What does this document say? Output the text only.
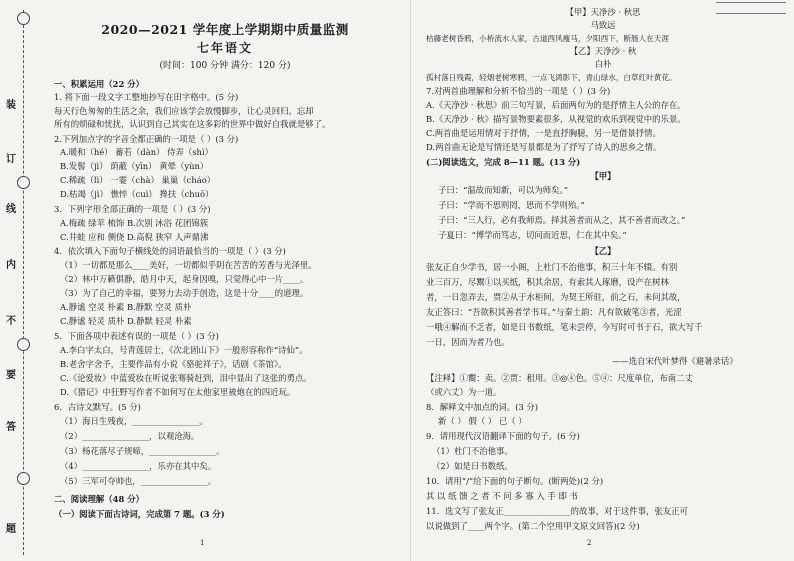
装
订
线
内
不
要
答
题
2020—2021 学年度上学期期中质量监测
七年语文
(时间：100 分钟 满分：120 分)
一、积累运用（22 分）
1. 将下面一段文字工整地抄写在田字格中。(5 分)
每天行色匆匆的生活之余，我们应该学会放慢脚步，让心灵回归。忘却
所有的烦碌和忧扰，认识到自己其实在这多彩的世界中做好自我就是够了。
2.下列加点字的字音全都正确的一项是（ ）(3 分)
A.暖和（hé） 蓄若（dàn） 侍弄（shì）
B.发髻（jì） 荫蔽（yīn） 黄晕（yùn）
C.稀疏（lì） 一霎（chà） 巢巢（cháo）
D.枯竭（jì） 憔悴（cuì） 搀扶（chuō）
3．下列字形全部正确的一项是（ ）(3 分)
A.梅疏 绿苹 梳饰 B.次别 沐浴 花团锦簇
C.井蛙 应和 侧侥 D.高倪 狭窄 人声鼎沸
4．依次填入下面句子横线处的词语最恰当的一项是（ ）(3 分)
（1）一切都是那么____美好，一切都似乎阴在苦苦的芳香与光泽里。
（2）林中万籁俱静，皓月中天，起身因嗅，只觉得心中一片____。
（3）为了自己的幸福，要努力去动手创造，这是十分____的道理。
A.静谧 空灵 朴素 B.静默 空灵 质朴
C.静谧 轻灵 质朴 D.静默 轻灵 朴素
5．下面各项中表述有误的一项是（ ）(3 分)
A.李白字太白，号青莲居士，《次北固山下》一般形容称作“诗仙”。
B.老舍字舍予，主要作品有小说《骆驼祥子》，话剧《茶馆》。
C.《论爱妆》中蓝爱妆在听说张骞骑赶到，泪中显出了这张的勇点。
D.《猎记》中狂野写作者不如何写在太他家里被炮在的四近玩。
6．古诗文默写。(5 分)
（1）海日生残夜，________________。
（2）________________，以观沧海。
（3）杨花落尽子规啼，________________。
（4）________________，乐亦在其中矣。
（5）三军可夺帅也，________________。
二、阅读理解（48 分）
（一）阅读下面古诗词，完成第 7 题。(3 分)
1
【甲】天净沙 · 秋思
马致远
枯藤老树昏鸦，小桥流水人家，古道西风瘦马，夕阳西下，断肠人在天涯
【乙】天净沙 · 秋
白朴
孤村落日残霞，轻烟老树寒鸦，一点飞鸿影下，青山绿水，白草红叶黄花。
7.对两首曲理解和分析不恰当的一项是（ ）(3 分)
A.《天净沙 · 秋思》前三句写景，后面两句为的是抒情主人公的存在。
B.《天净沙 · 秋》描写景物要素很多，从视觉的欢乐到视觉中的乐景。
C.两首曲是运用情对于抒情，一是直抒胸臆，另一是借景抒情。
D.两首曲无论是写情还是写景都是为了抒写了诗人的思乡之情。
(二)阅读选文，完成 8—11 题。(13 分)
【甲】
子曰：“温故而知新，可以为师矣。”
子曰：“学而不思则罔，思而不学则殆。”
子曰：“三人行，必有我师焉。择其善者而从之，其不善者而改之。”
子夏曰：“博学而笃志，切问而近思，仁在其中矣。”
【乙】
张友正自少学书，居一小阁，上杜门不治他事，积三十年不辍。有别
业三百万，尽鬻①以买纸，积其余居，有索其人琢磨，设产在树林
者，一日忽弄去，贾②从于水柜间，为契王所驻，前之石，未问其故，
友正答曰：“吾欲积其善者学书耳。”与秦土韵：凡有欲破笔③者，光涩
一哦④解而不乏者，如是日书数纸，笔未尝停，今写时可书于石，欲大写千
一日，因而为者乃也。
——选自宋代叶梦得《避暑录话》
【注释】①鬻：卖。②贾：租用。③◎④色。⑤④：尺度单位，布南二丈
（或六丈）为一道。
8．解释文中加点的词。(3 分)
新（ ） 假（ ） 已（ ）
9．请用现代汉语翻译下面的句子。(6 分)
（1）杜门不治他事。
（2）如是日书数纸。
10．请用“/”给下面的句子断句。(断两处)(2 分)
其 以 纸 馈 之 者 不 问 多 寡 入 手 即 书
11．选文写了张友正________________的故事，对于这件事，张友正可
以说做到了____两个字。(第二个空用甲文原文回答)(2 分)
2
